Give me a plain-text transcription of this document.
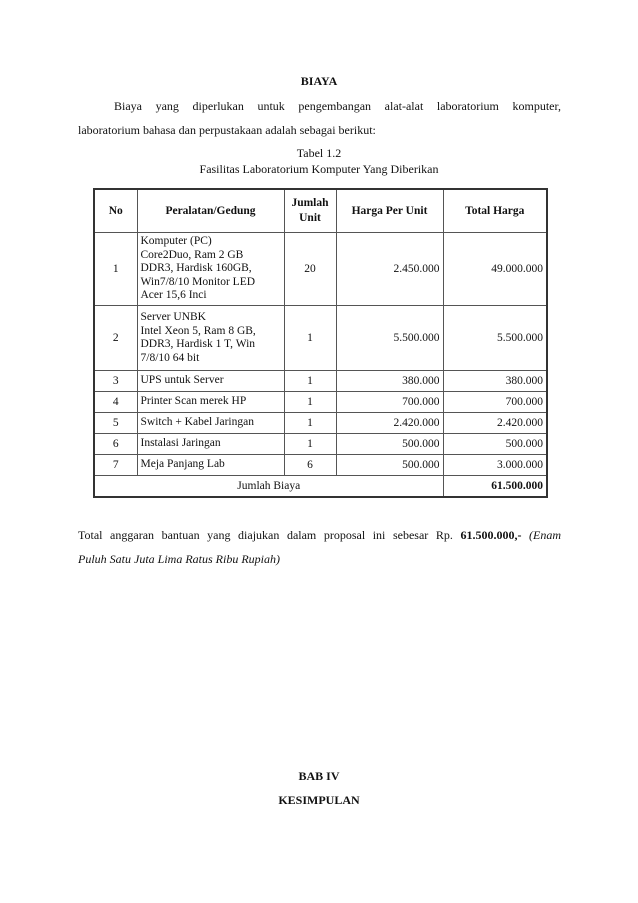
BIAYA
Biaya yang diperlukan untuk pengembangan alat-alat laboratorium komputer,
laboratorium bahasa dan perpustakaan adalah sebagai berikut:
Tabel 1.2
Fasilitas Laboratorium Komputer Yang Diberikan
No	Peralatan/Gedung	Jumlah Unit	Harga Per Unit	Total Harga
1	Komputer (PC)
Core2Duo, Ram 2 GB
DDR3, Hardisk 160GB,
Win7/8/10 Monitor LED
Acer 15,6 Inci	20	2.450.000	49.000.000
2	Server UNBK
Intel Xeon 5, Ram 8 GB,
DDR3, Hardisk 1 T, Win
7/8/10 64 bit	1	5.500.000	5.500.000
3	UPS untuk Server	1	380.000	380.000
4	Printer Scan merek HP	1	700.000	700.000
5	Switch + Kabel Jaringan	1	2.420.000	2.420.000
6	Instalasi Jaringan	1	500.000	500.000
7	Meja Panjang Lab	6	500.000	3.000.000
Jumlah Biaya				61.500.000
Total anggaran bantuan yang diajukan dalam proposal ini sebesar Rp. 61.500.000,- (Enam
Puluh Satu Juta Lima Ratus Ribu Rupiah)
BAB IV
KESIMPULAN
